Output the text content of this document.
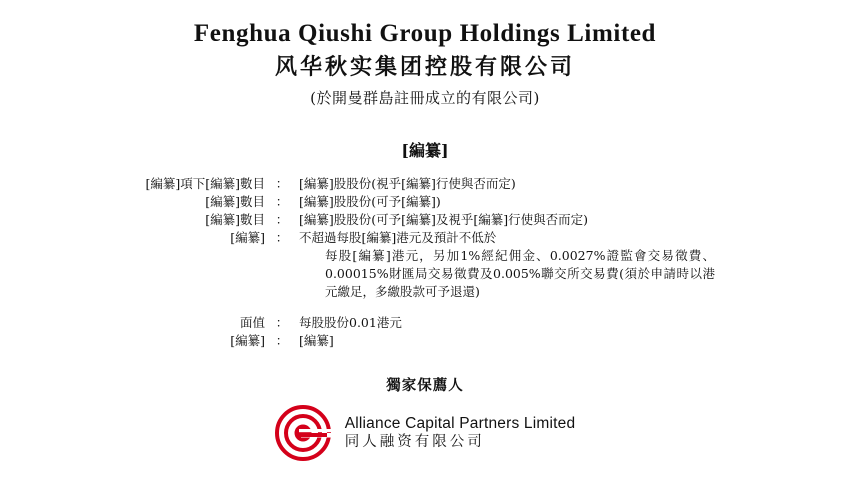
Fenghua Qiushi Group Holdings Limited
风华秋实集团控股有限公司
(於開曼群島註冊成立的有限公司)
[編纂]
[編纂]項下[編纂]數目 ： [編纂]股股份(視乎[編纂]行使與否而定)
[編纂]數目 ： [編纂]股股份(可予[編纂])
[編纂]數目 ： [編纂]股股份(可予[編纂]及視乎[編纂]行使與否而定)
[編纂] ： 不超過每股[編纂]港元及預計不低於
每股[編纂]港元，另加1%經紀佣金、0.0027%證監會交易徵費、0.00015%財匯局交易徵費及0.005%聯交所交易費(須於申請時以港元繳足，多繳股款可予退還)
面值 ： 每股股份0.01港元
[編纂] ： [編纂]
獨家保薦人
Alliance Capital Partners Limited
同人融资有限公司
